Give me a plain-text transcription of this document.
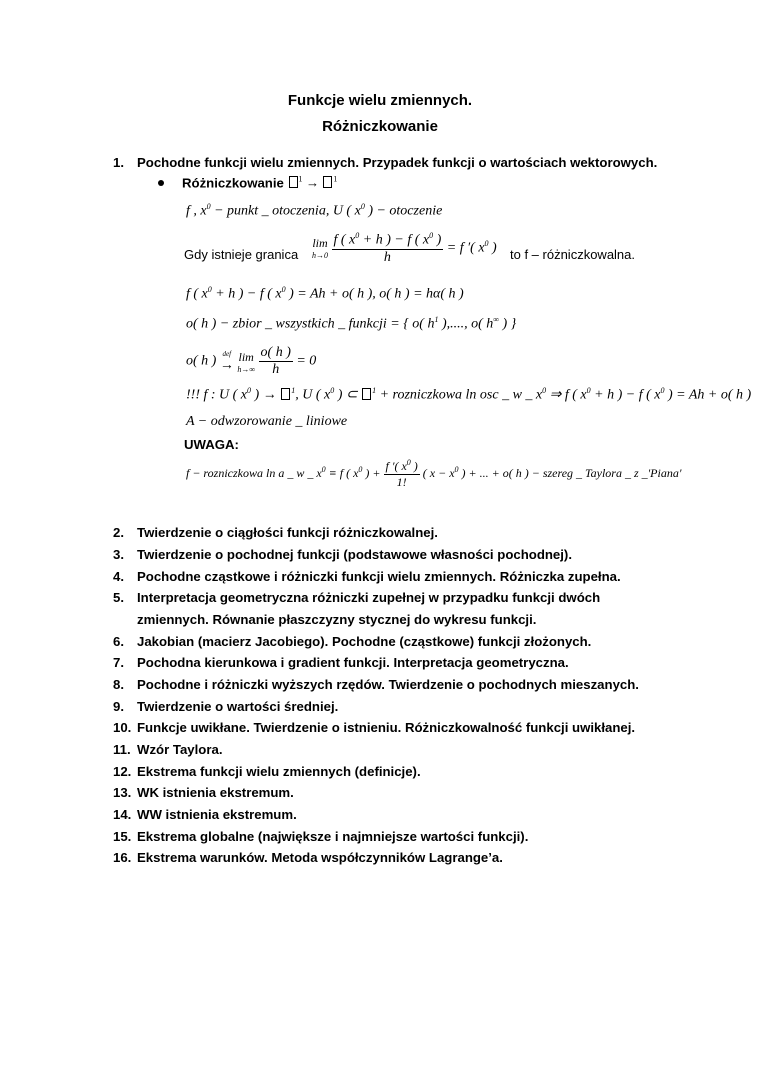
Funkcje wielu zmiennych.
Różniczkowanie
1. Pochodne funkcji wielu zmiennych. Przypadek funkcji o wartościach wektorowych.
Różniczkowanie $^1$ → $^1$
f , $x^0$ − punkt _ otoczenia, U ( $x^0$ ) − otoczenie
Gdy istnieje granica
lim
h→0
$\frac{f ( x^0 + h ) - f ( x^0 )}{h} = f$ ′( $x^0$ ) to f – różniczkowalna.
f ( $x^0 + h$ ) − f ( $x^0$ ) = Ah + o( h ), o( h ) = hα( h )
o( h ) − zbior _ wszystkich _ funkcji = { o( $h^1$ ),...., o( h∞ ) }
o( h )
def
→

lim
h→∞
$\frac{o( h )}{h} = 0$
!!! f : U ( $x^0$ ) → $^1$, U ( $x^0$ ) ⊂ $^1$ + rozniczkowa ln osc _ w _ $x^0$ ⇒ f ( $x^0 + h$ ) − f ( $x^0$ ) = Ah + o( h )
A − odwzorowanie _ liniowe
UWAGA:
f − rozniczkowa ln a _ w _ $x^0 \equiv f$ ( $x^0$ ) + $\frac{f '( x^0 )}{1!}$ ( $x - x^0$ ) + ... + o( h ) − szereg _ Taylora _ z _'Piana'
2. Twierdzenie o ciągłości funkcji różniczkowalnej.
3. Twierdzenie o pochodnej funkcji (podstawowe własności pochodnej).
4. Pochodne cząstkowe i różniczki funkcji wielu zmiennych. Różniczka zupełna.
5. Interpretacja geometryczna różniczki zupełnej w przypadku funkcji dwóch
zmiennych. Równanie płaszczyzny stycznej do wykresu funkcji.
6. Jakobian (macierz Jacobiego). Pochodne (cząstkowe) funkcji złożonych.
7. Pochodna kierunkowa i gradient funkcji. Interpretacja geometryczna.
8. Pochodne i różniczki wyższych rzędów. Twierdzenie o pochodnych mieszanych.
9. Twierdzenie o wartości średniej.
10. Funkcje uwikłane. Twierdzenie o istnieniu. Różniczkowalność funkcji uwikłanej.
11. Wzór Taylora.
12. Ekstrema funkcji wielu zmiennych (definicje).
13. WK istnienia ekstremum.
14. WW istnienia ekstremum.
15. Ekstrema globalne (największe i najmniejsze wartości funkcji).
16. Ekstrema warunków. Metoda współczynników Lagrange’a.
